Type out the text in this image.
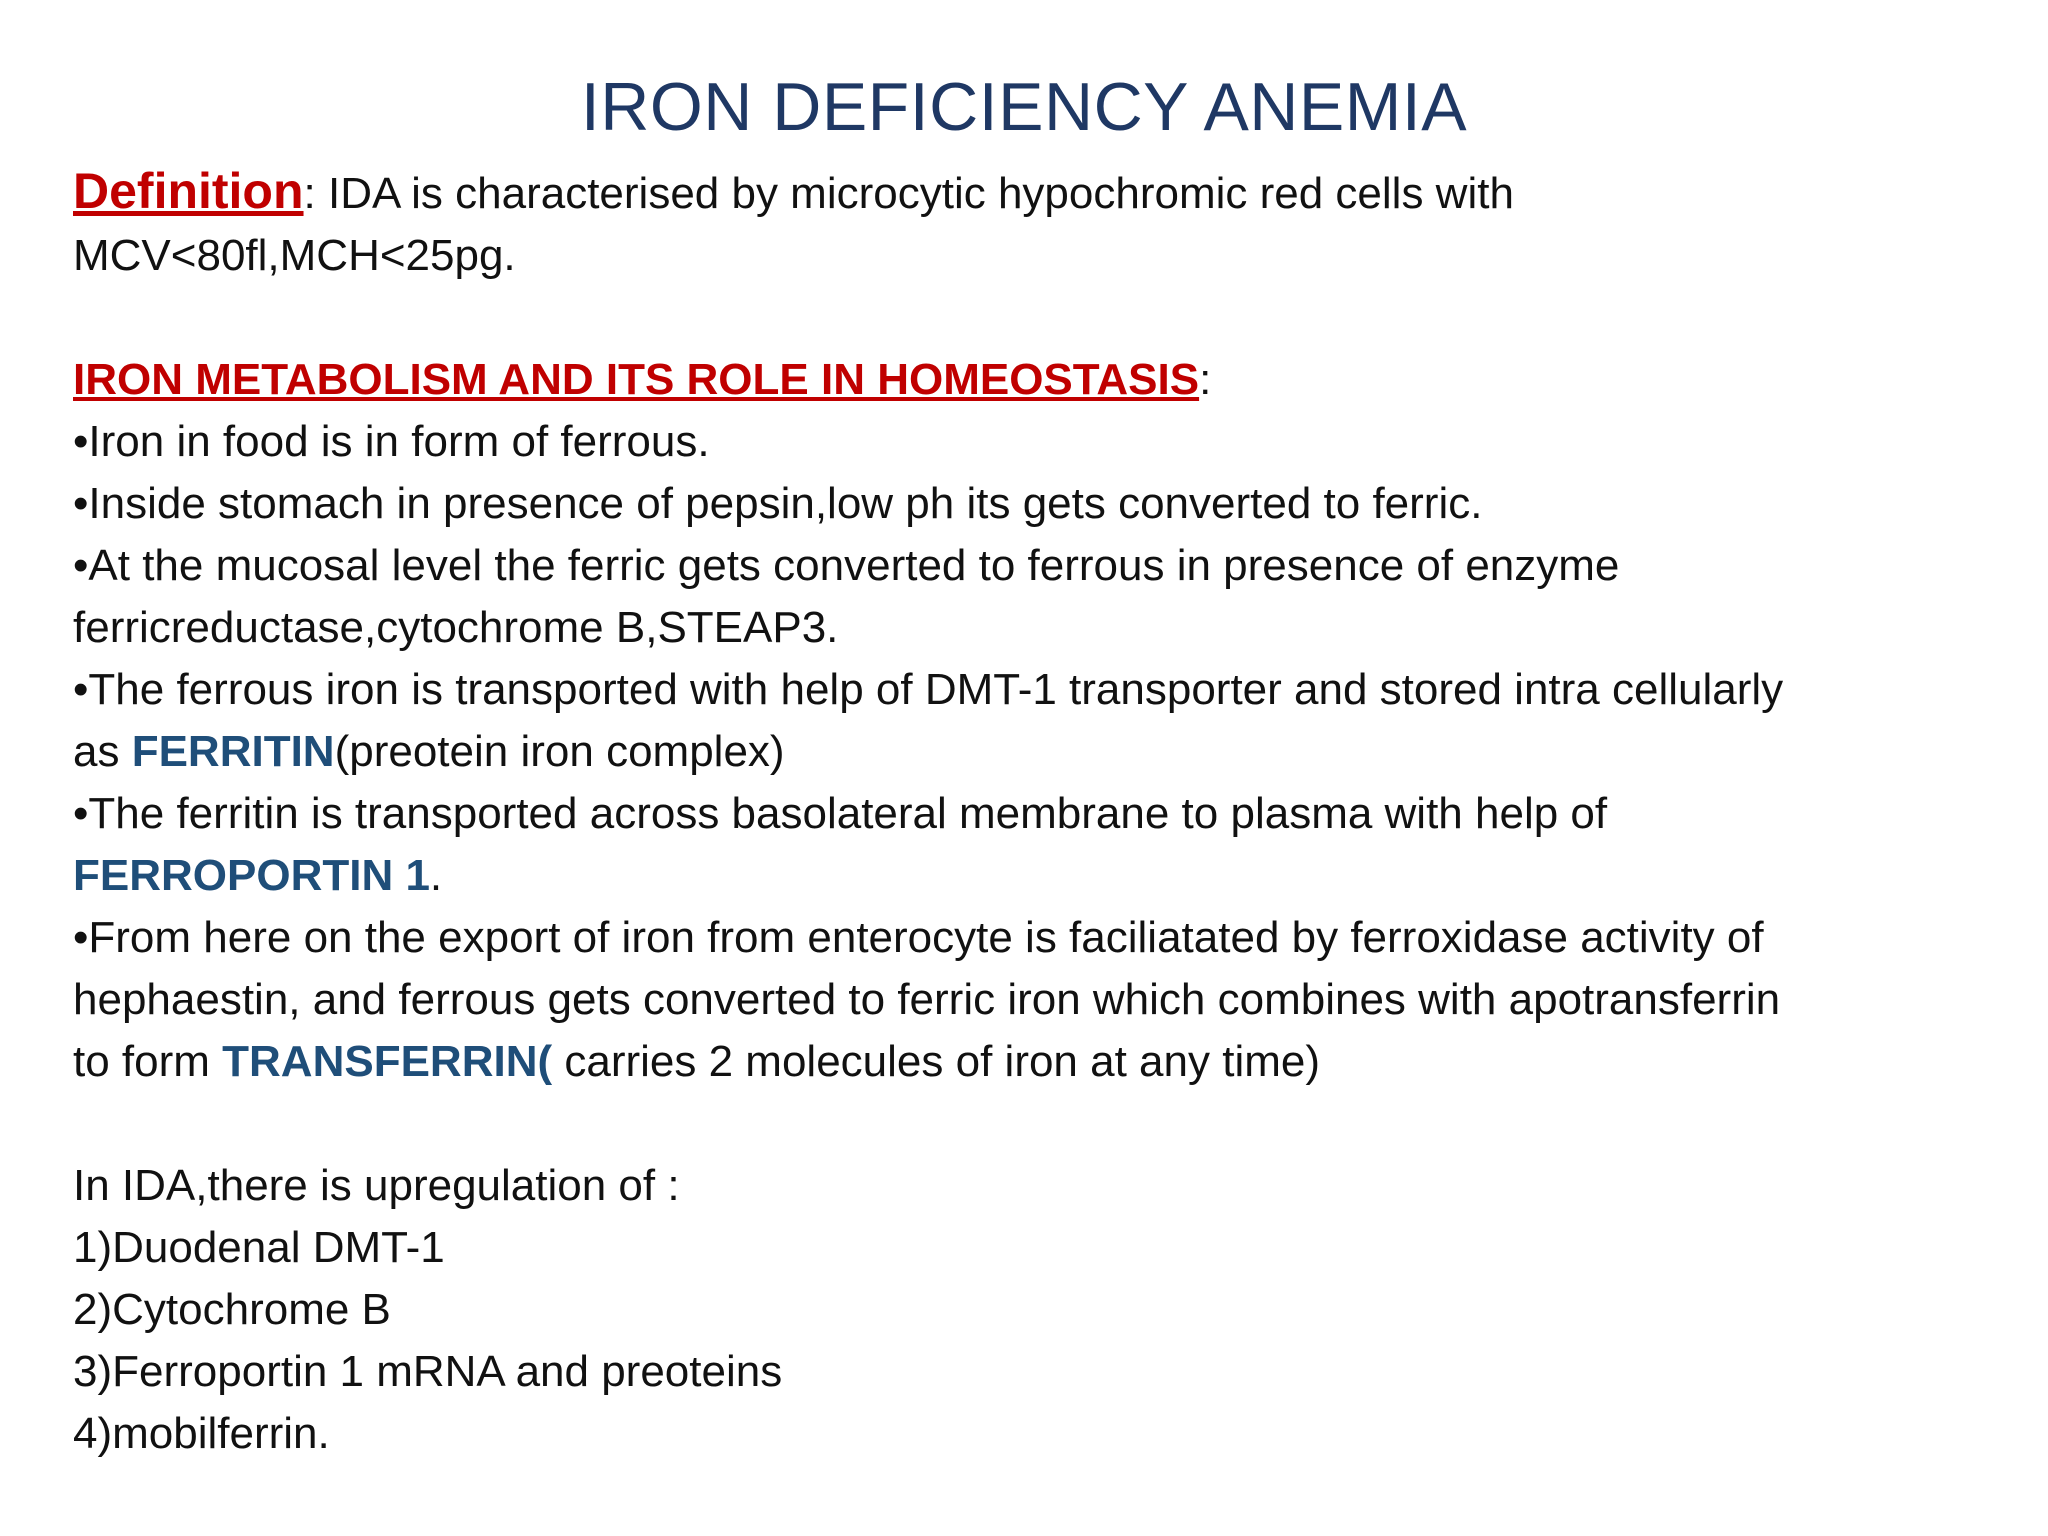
IRON DEFICIENCY ANEMIA
Definition: IDA is characterised by microcytic hypochromic red cells with
MCV<80fl,MCH<25pg.
IRON METABOLISM AND ITS ROLE IN HOMEOSTASIS:
•Iron in food is in form of ferrous.
•Inside stomach in presence of pepsin,low ph its gets converted to ferric.
•At the mucosal level the ferric gets converted to ferrous in presence of enzyme
ferricreductase,cytochrome B,STEAP3.
•The ferrous iron is transported with help of DMT-1 transporter and stored intra cellularly
as FERRITIN(preotein iron complex)
•The ferritin is transported across basolateral membrane to plasma with help of
FERROPORTIN 1.
•From here on the export of iron from enterocyte is faciliatated by ferroxidase activity of
hephaestin, and ferrous gets converted to ferric iron which combines with apotransferrin
to form TRANSFERRIN( carries 2 molecules of iron at any time)
In IDA,there is upregulation of :
1)Duodenal DMT-1
2)Cytochrome B
3)Ferroportin 1 mRNA and preoteins
4)mobilferrin.
